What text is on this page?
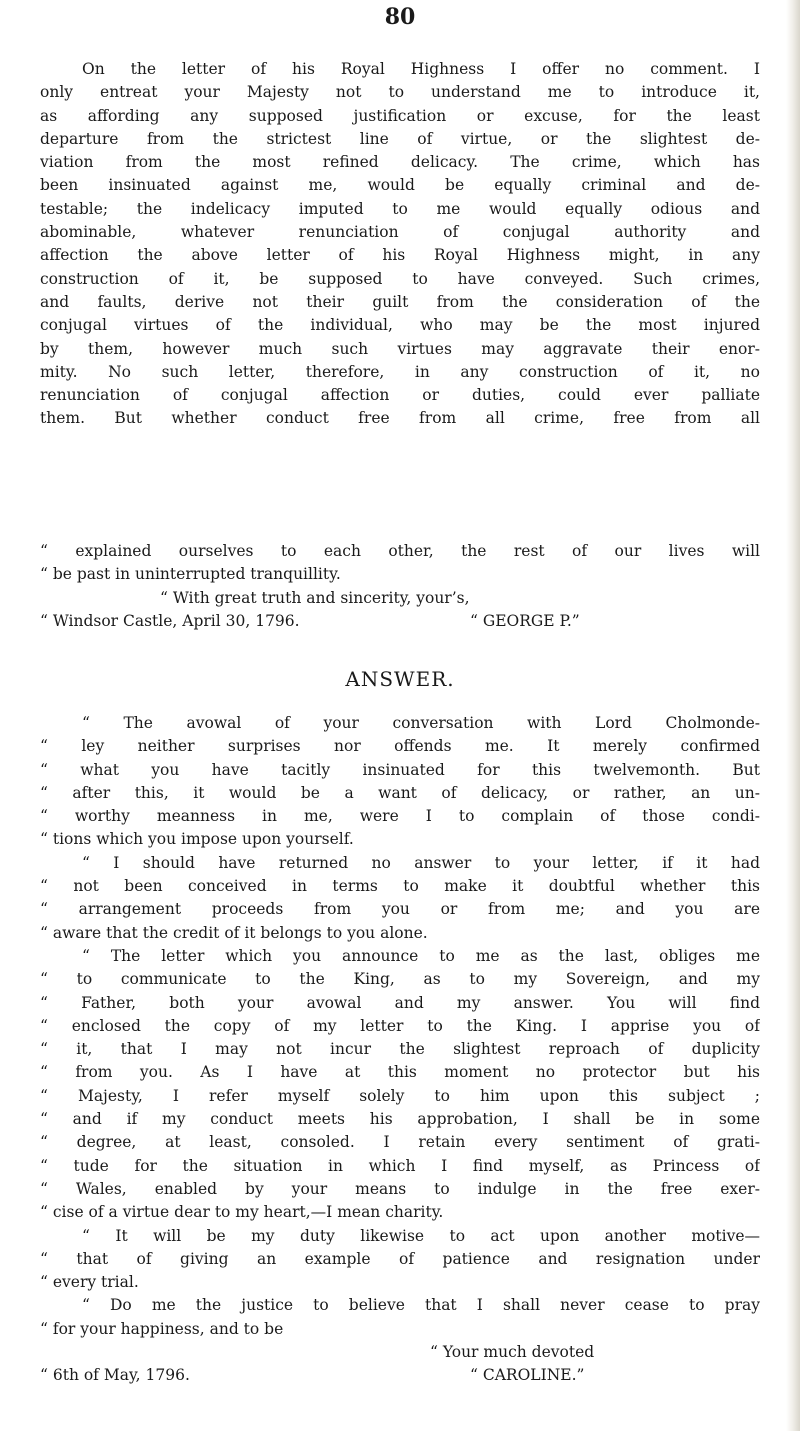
80
On the letter of his Royal Highness I offer no comment. I
only entreat your Majesty not to understand me to introduce it,
as affording any supposed justification or excuse, for the least
departure from the strictest line of virtue, or the slightest de-
viation from the most refined delicacy. The crime, which has
been insinuated against me, would be equally criminal and de-
testable; the indelicacy imputed to me would equally odious and
abominable, whatever renunciation of conjugal authority and
affection the above letter of his Royal Highness might, in any
construction of it, be supposed to have conveyed. Such crimes,
and faults, derive not their guilt from the consideration of the
conjugal virtues of the individual, who may be the most injured
by them, however much such virtues may aggravate their enor-
mity. No such letter, therefore, in any construction of it, no
renunciation of conjugal affection or duties, could ever palliate
them. But whether conduct free from all crime, free from all
“ explained ourselves to each other, the rest of our lives will
“ be past in uninterrupted tranquillity.
“ With great truth and sincerity, your’s,
“ Windsor Castle, April 30, 1796.	“ GEORGE P.”
ANSWER.
“ The avowal of your conversation with Lord Cholmonde-
“ ley neither surprises nor offends me. It merely confirmed
“ what you have tacitly insinuated for this twelvemonth. But
“ after this, it would be a want of delicacy, or rather, an un-
“ worthy meanness in me, were I to complain of those condi-
“ tions which you impose upon yourself.
“ I should have returned no answer to your letter, if it had
“ not been conceived in terms to make it doubtful whether this
“ arrangement proceeds from you or from me; and you are
“ aware that the credit of it belongs to you alone.
“ The letter which you announce to me as the last, obliges me
“ to communicate to the King, as to my Sovereign, and my
“ Father, both your avowal and my answer. You will find
“ enclosed the copy of my letter to the King. I apprise you of
“ it, that I may not incur the slightest reproach of duplicity
“ from you. As I have at this moment no protector but his
“ Majesty, I refer myself solely to him upon this subject ;
“ and if my conduct meets his approbation, I shall be in some
“ degree, at least, consoled. I retain every sentiment of grati-
“ tude for the situation in which I find myself, as Princess of
“ Wales, enabled by your means to indulge in the free exer-
“ cise of a virtue dear to my heart,—I mean charity.
“ It will be my duty likewise to act upon another motive—
“ that of giving an example of patience and resignation under
“ every trial.
“ Do me the justice to believe that I shall never cease to pray
“ for your happiness, and to be
“ Your much devoted
“ 6th of May, 1796.	“ CAROLINE.”
